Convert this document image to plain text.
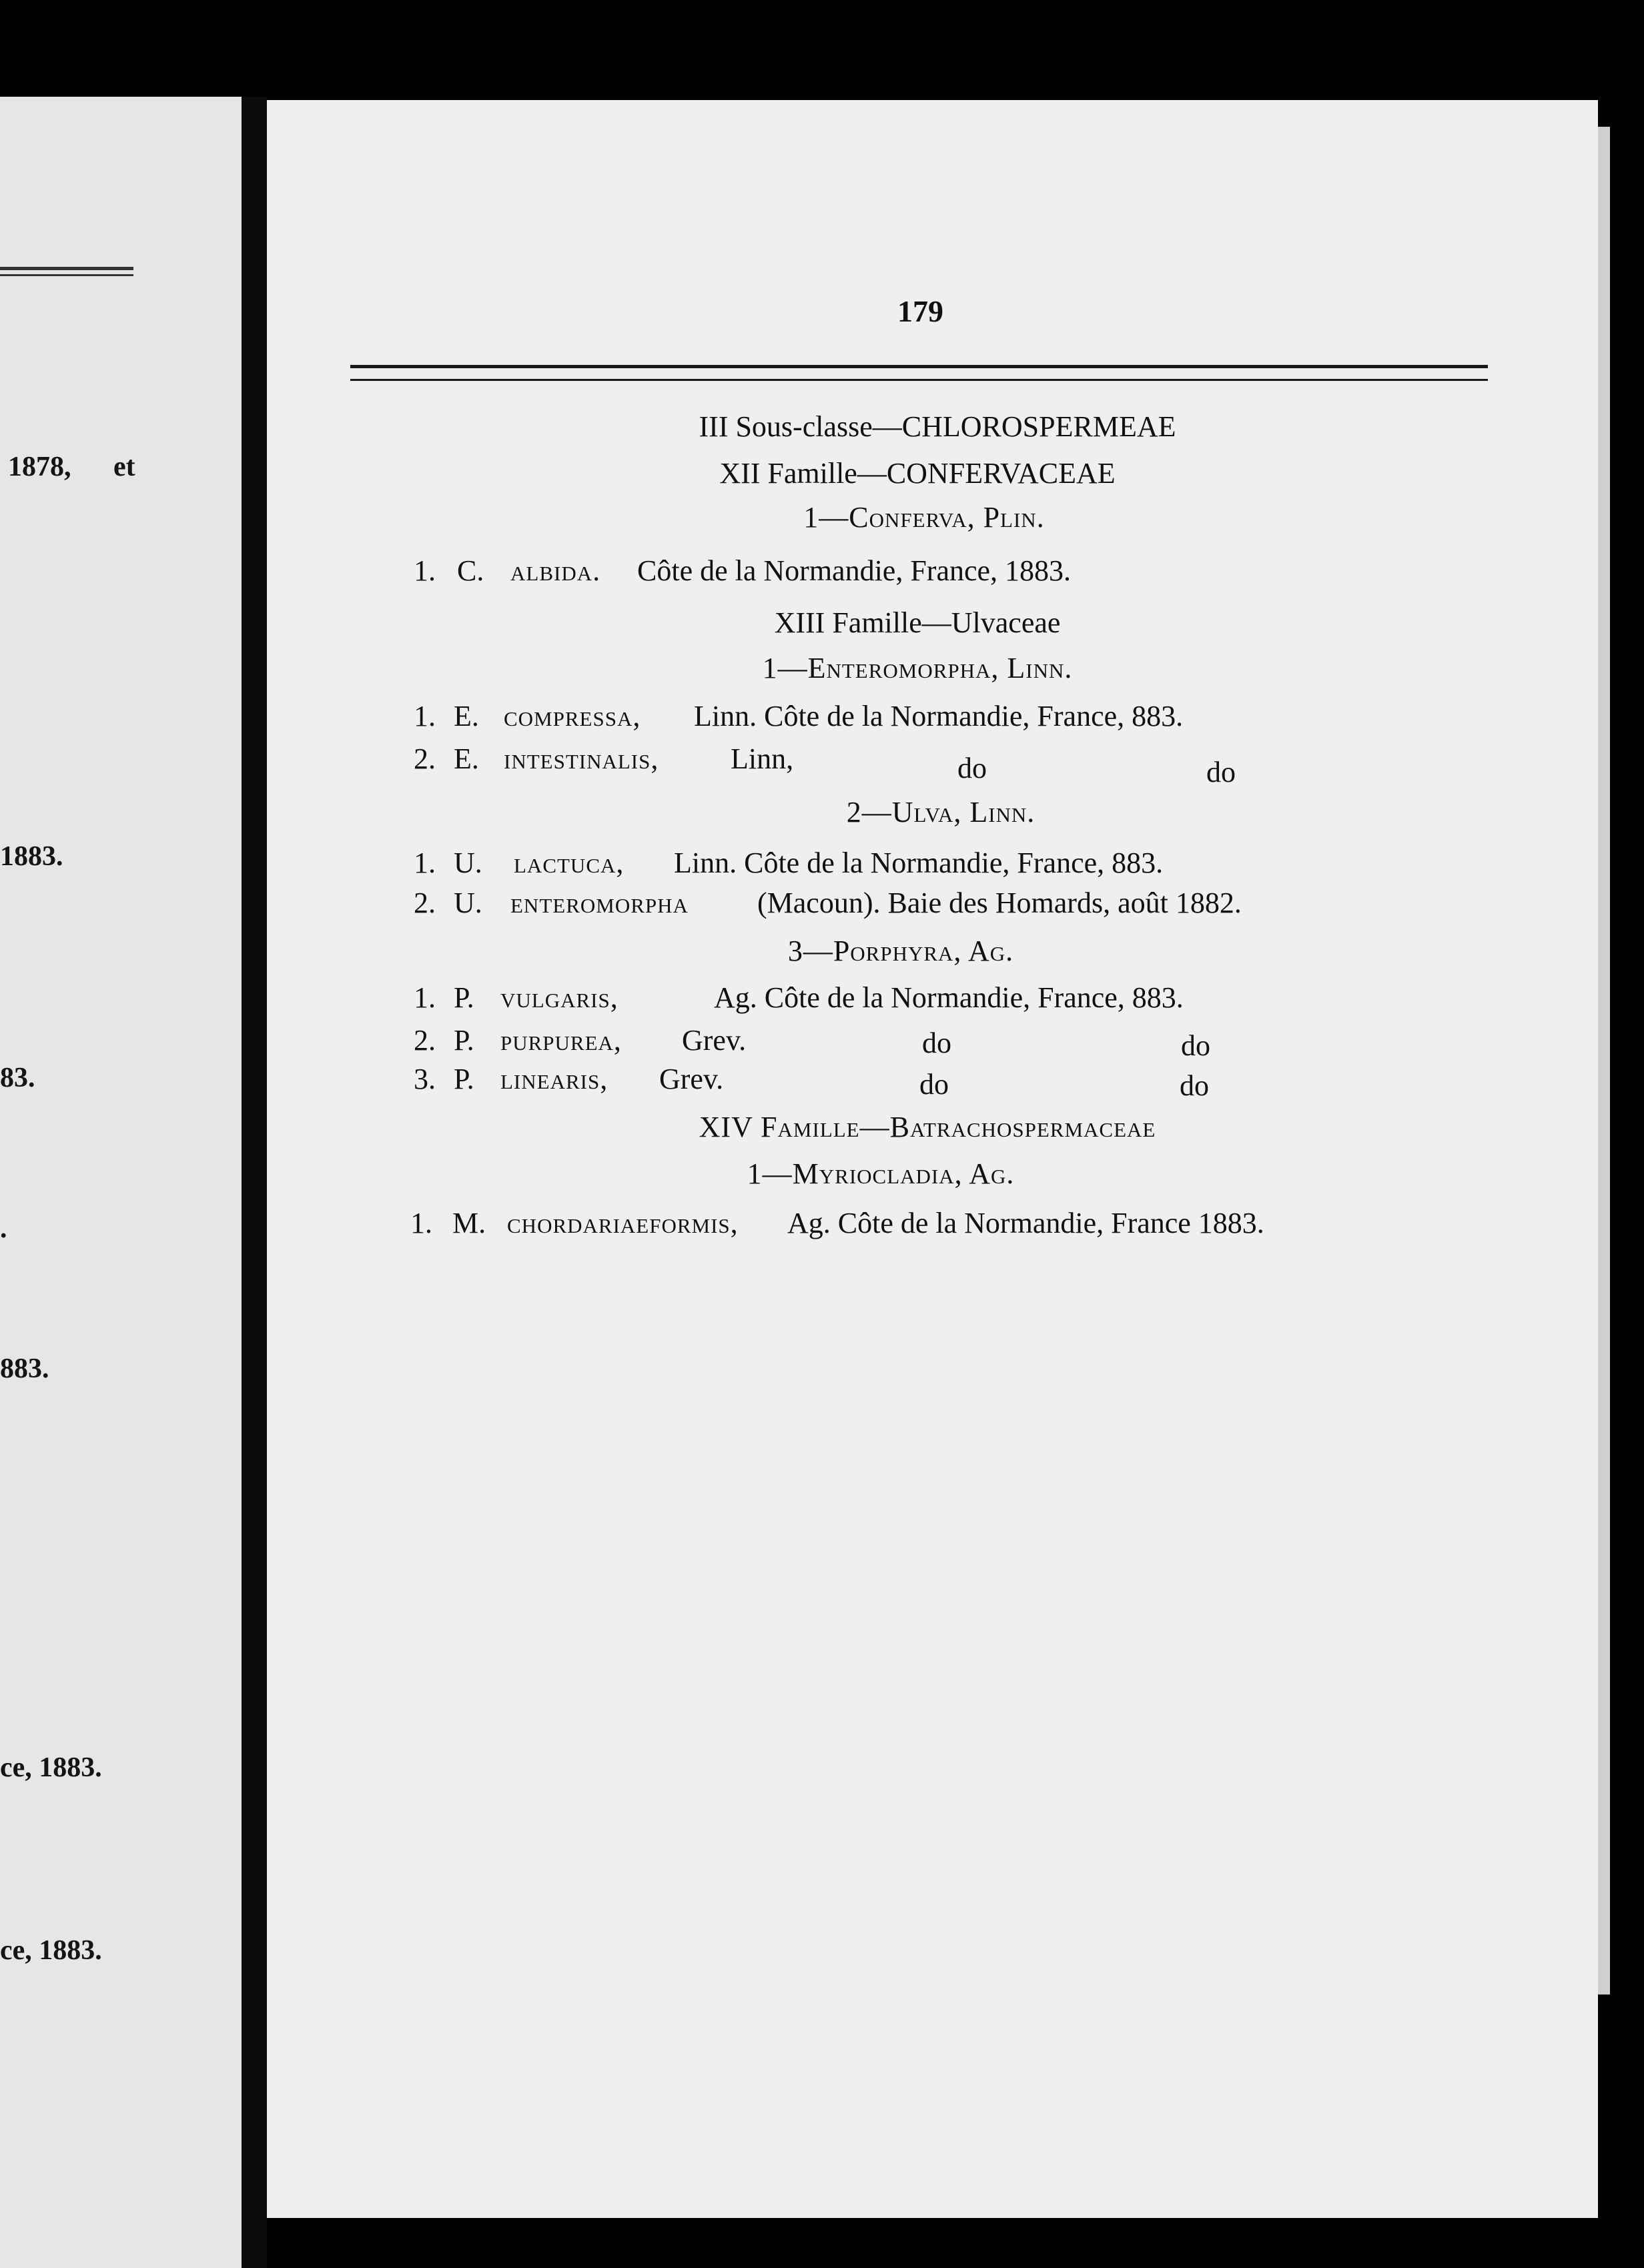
1878, et
1883.
83.
.
883.
ce, 1883.
ce, 1883.
179
III Sous-classe—CHLOROSPERMEAE
XII Famille—CONFERVACEAE
1—Conferva, Plin.
1. C. albida. Côte de la Normandie, France, 1883.
XIII Famille—Ulvaceae
1—Enteromorpha, Linn.
1. E. compressa, Linn. Côte de la Normandie, France, 883.
2. E. intestinalis, Linn,	do	do
2—Ulva, Linn.
1. U. lactuca, Linn. Côte de la Normandie, France, 883.
2. U. enteromorpha (Macoun). Baie des Homards, août 1882.
3—Porphyra, Ag.
1. P. vulgaris,	Ag. Côte de la Normandie, France, 883.
2. P. purpurea, Grev.	do	do
3. P. linearis, Grev.	do	do
XIV Famille—Batrachospermaceae
1—Myriocladia, Ag.
1. M. chordariaeformis, Ag. Côte de la Normandie, France 1883.
